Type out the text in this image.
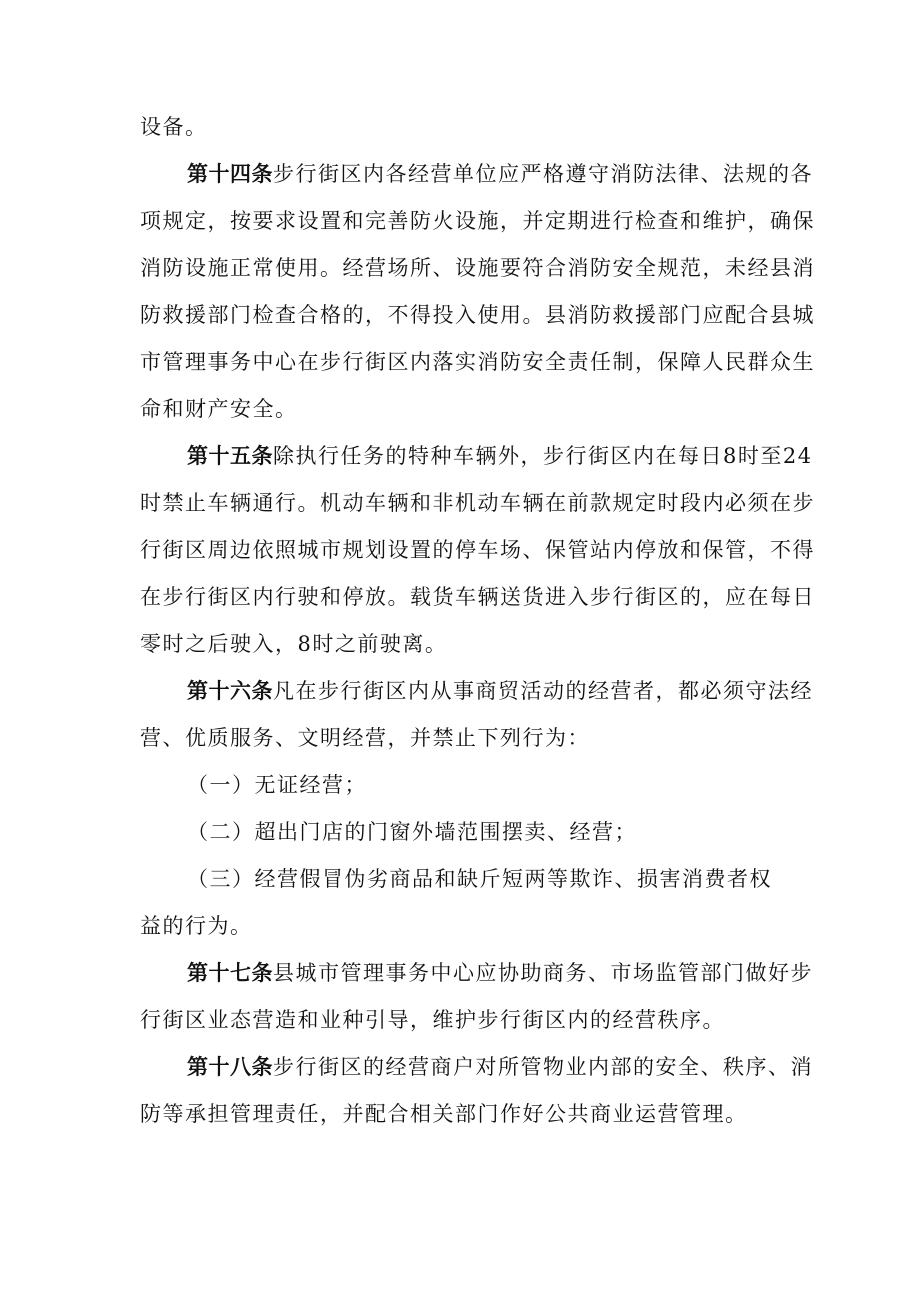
设备。
第十四条步行街区内各经营单位应严格遵守消防法律、法规的各
项规定，按要求设置和完善防火设施，并定期进行检查和维护，确保
消防设施正常使用。经营场所、设施要符合消防安全规范，未经县消
防救援部门检查合格的，不得投入使用。县消防救援部门应配合县城
市管理事务中心在步行街区内落实消防安全责任制，保障人民群众生
命和财产安全。
第十五条除执行任务的特种车辆外，步行街区内在每日8时至24
时禁止车辆通行。机动车辆和非机动车辆在前款规定时段内必须在步
行街区周边依照城市规划设置的停车场、保管站内停放和保管，不得
在步行街区内行驶和停放。载货车辆送货进入步行街区的，应在每日
零时之后驶入，8时之前驶离。
第十六条凡在步行街区内从事商贸活动的经营者，都必须守法经
营、优质服务、文明经营，并禁止下列行为：
（一）无证经营；
（二）超出门店的门窗外墙范围摆卖、经营；
（三）经营假冒伪劣商品和缺斤短两等欺诈、损害消费者权
益的行为。
第十七条县城市管理事务中心应协助商务、市场监管部门做好步
行街区业态营造和业种引导，维护步行街区内的经营秩序。
第十八条步行街区的经营商户对所管物业内部的安全、秩序、消
防等承担管理责任，并配合相关部门作好公共商业运营管理。
